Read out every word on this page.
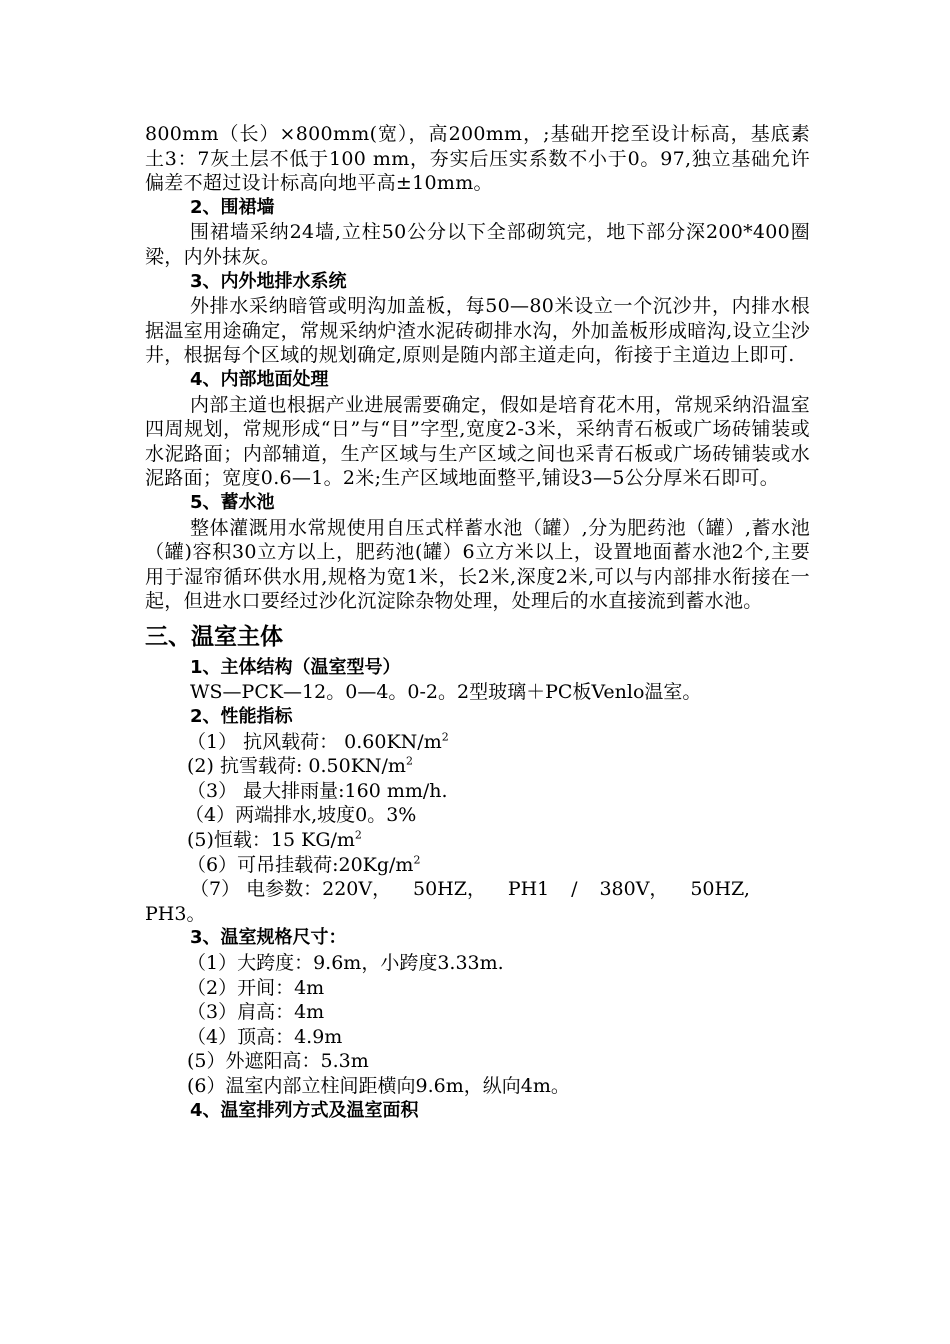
800mm（长）×800mm(宽），高200mm，;基础开挖至设计标高，基底素土3：7灰土层不低于100 mm，夯实后压实系数不小于0。97,独立基础允许偏差不超过设计标高向地平高±10mm。

2、围裙墙

围裙墙采纳24墙,立柱50公分以下全部砌筑完，地下部分深200*400圈梁，内外抹灰。

3、内外地排水系统

外排水采纳暗管或明沟加盖板，每50—80米设立一个沉沙井，内排水根据温室用途确定，常规采纳炉渣水泥砖砌排水沟，外加盖板形成暗沟,设立尘沙井，根据每个区域的规划确定,原则是随内部主道走向，衔接于主道边上即可.

4、内部地面处理

内部主道也根据产业进展需要确定，假如是培育花木用，常规采纳沿温室四周规划，常规形成“日”与“目”字型,宽度2-3米，采纳青石板或广场砖铺装或水泥路面；内部辅道，生产区域与生产区域之间也采青石板或广场砖铺装或水泥路面；宽度0.6—1。2米;生产区域地面整平,铺设3—5公分厚米石即可。

5、蓄水池

整体灌溉用水常规使用自压式样蓄水池（罐）,分为肥药池（罐）,蓄水池（罐)容积30立方以上，肥药池(罐）6立方米以上，设置地面蓄水池2个,主要用于湿帘循环供水用,规格为宽1米，长2米,深度2米,可以与内部排水衔接在一起，但进水口要经过沙化沉淀除杂物处理，处理后的水直接流到蓄水池。

三、温室主体

1、主体结构（温室型号）

WS—PCK—12。0—4。0-2。2型玻璃＋PC板Venlo温室。

2、性能指标

（1） 抗风载荷： $0.60KN/m^2$

(2) 抗雪载荷: $0.50KN/m^2$

（3） 最大排雨量:160 mm/h.

（4）两端排水,坡度0。3%

(5)恒载：15 $KG/m^2$

（6）可吊挂载荷$:20Kg/m^2$

（7） 电参数：220V， 50HZ， PH1 / 380V， 50HZ,

PH3。

3、温室规格尺寸：

（1）大跨度：9.6m，小跨度3.33m.

（2）开间：4m

（3）肩高：4m

（4）顶高：4.9m

(5）外遮阳高：5.3m

(6）温室内部立柱间距横向9.6m，纵向4m。

4、温室排列方式及温室面积
